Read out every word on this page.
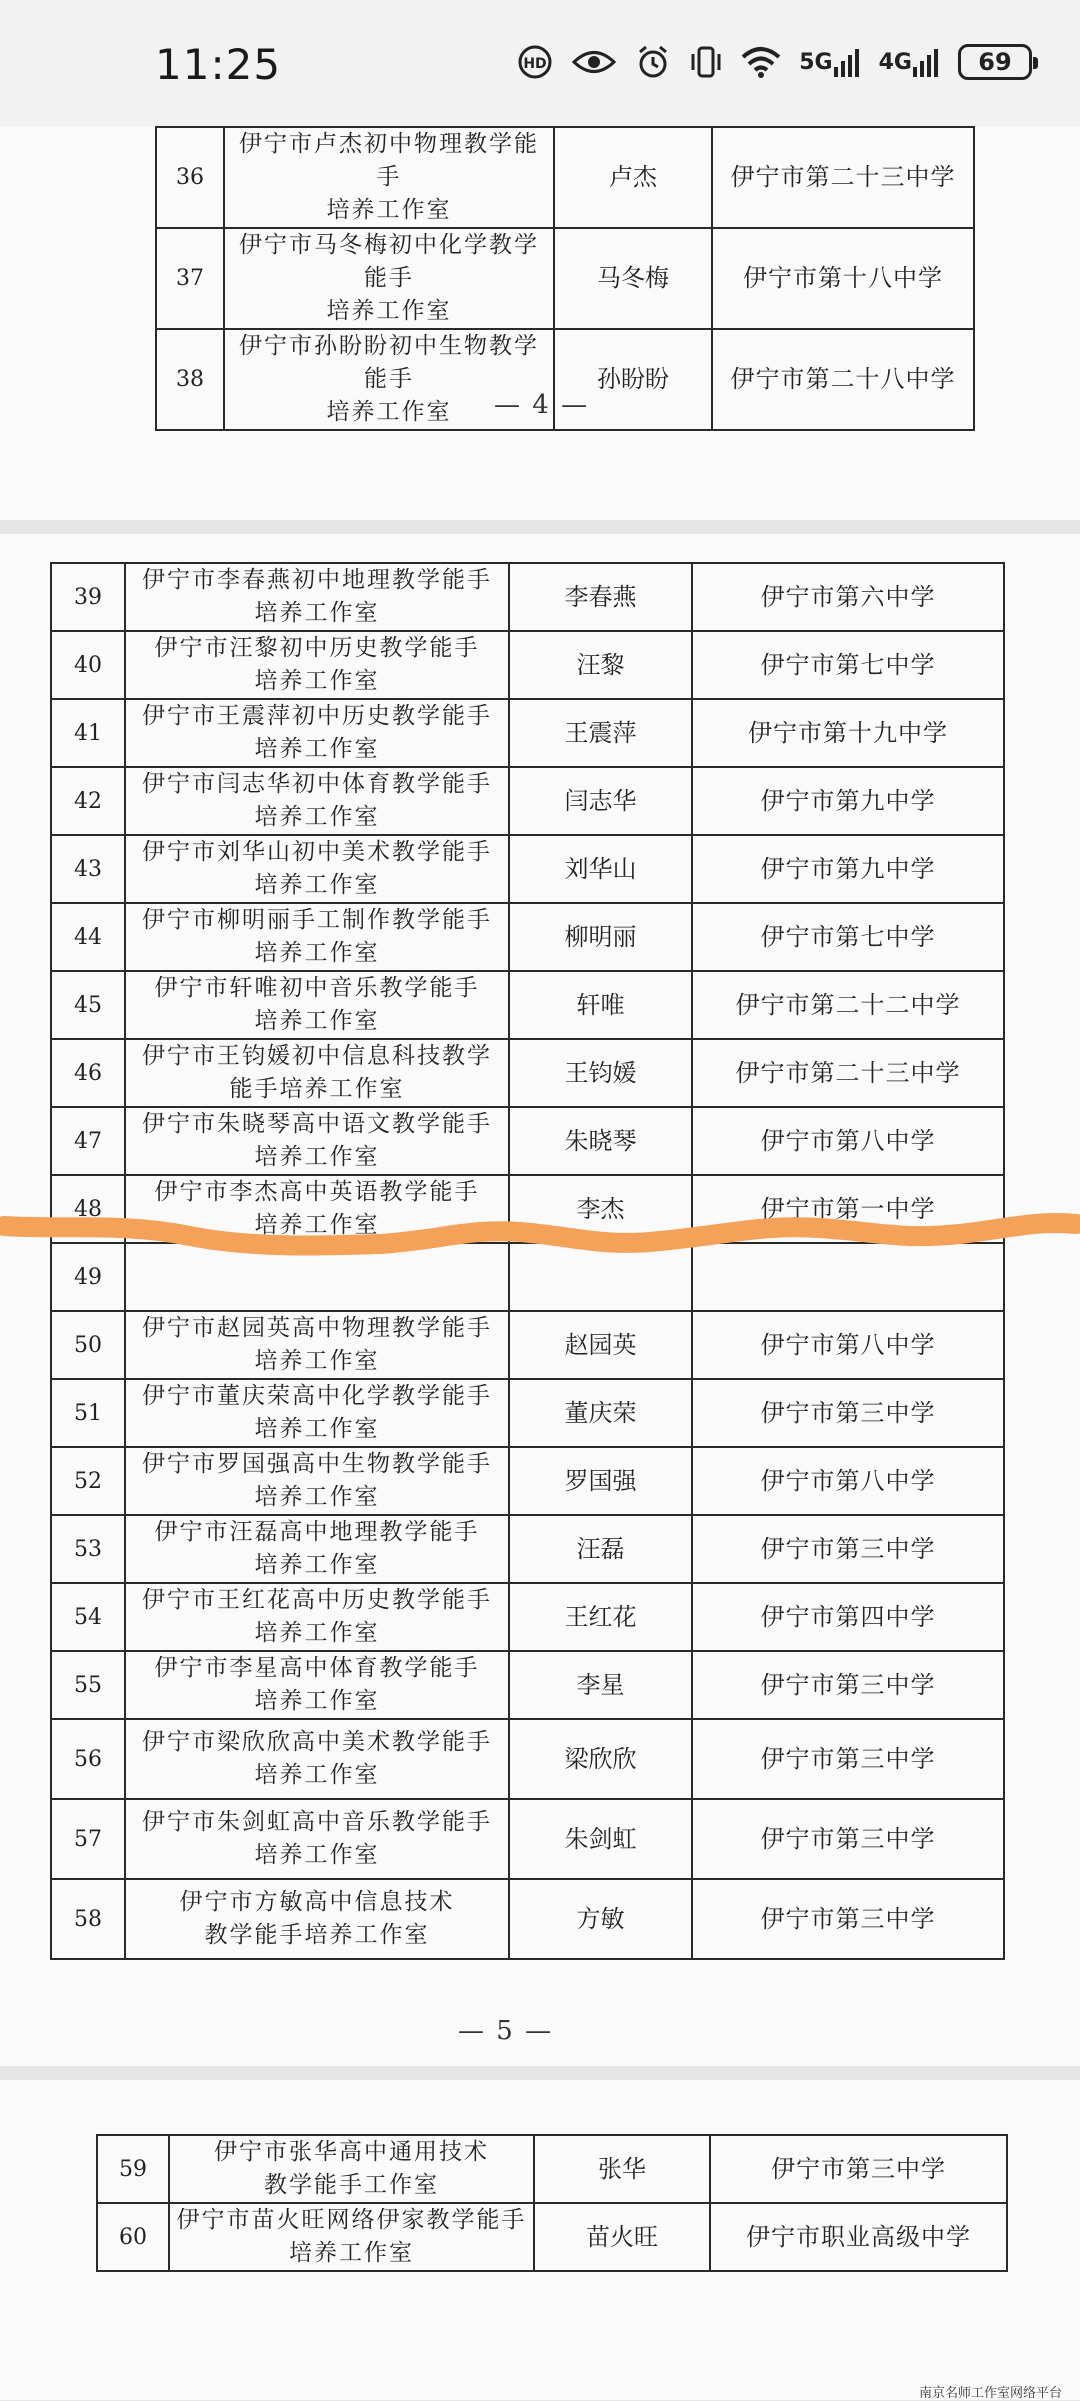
11:25	HD	5G 4G	69
36	伊宁市卢杰初中物理教学能手
培养工作室	卢杰	伊宁市第二十三中学
37	伊宁市马冬梅初中化学教学能手
培养工作室	马冬梅	伊宁市第十八中学
38	伊宁市孙盼盼初中生物教学能手
培养工作室	孙盼盼	伊宁市第二十八中学
— 4 —
39	伊宁市李春燕初中地理教学能手
培养工作室	李春燕	伊宁市第六中学
40	伊宁市汪黎初中历史教学能手
培养工作室	汪黎	伊宁市第七中学
41	伊宁市王震萍初中历史教学能手
培养工作室	王震萍	伊宁市第十九中学
42	伊宁市闫志华初中体育教学能手
培养工作室	闫志华	伊宁市第九中学
43	伊宁市刘华山初中美术教学能手
培养工作室	刘华山	伊宁市第九中学
44	伊宁市柳明丽手工制作教学能手
培养工作室	柳明丽	伊宁市第七中学
45	伊宁市轩唯初中音乐教学能手
培养工作室	轩唯	伊宁市第二十二中学
46	伊宁市王钧媛初中信息科技教学
能手培养工作室	王钧媛	伊宁市第二十三中学
47	伊宁市朱晓琴高中语文教学能手
培养工作室	朱晓琴	伊宁市第八中学
48	伊宁市李杰高中英语教学能手
培养工作室	李杰	伊宁市第一中学
49	

50	伊宁市赵园英高中物理教学能手
培养工作室	赵园英	伊宁市第八中学
51	伊宁市董庆荣高中化学教学能手
培养工作室	董庆荣	伊宁市第三中学
52	伊宁市罗国强高中生物教学能手
培养工作室	罗国强	伊宁市第八中学
53	伊宁市汪磊高中地理教学能手
培养工作室	汪磊	伊宁市第三中学
54	伊宁市王红花高中历史教学能手
培养工作室	王红花	伊宁市第四中学
55	伊宁市李星高中体育教学能手
培养工作室	李星	伊宁市第三中学
56	伊宁市梁欣欣高中美术教学能手
培养工作室	梁欣欣	伊宁市第三中学
57	伊宁市朱剑虹高中音乐教学能手
培养工作室	朱剑虹	伊宁市第三中学
58	伊宁市方敏高中信息技术
教学能手培养工作室	方敏	伊宁市第三中学
— 5 —
59	伊宁市张华高中通用技术
教学能手工作室	张华	伊宁市第三中学
60	伊宁市苗火旺网络伊家教学能手
培养工作室	苗火旺	伊宁市职业高级中学
南京名师工作室网络平台
